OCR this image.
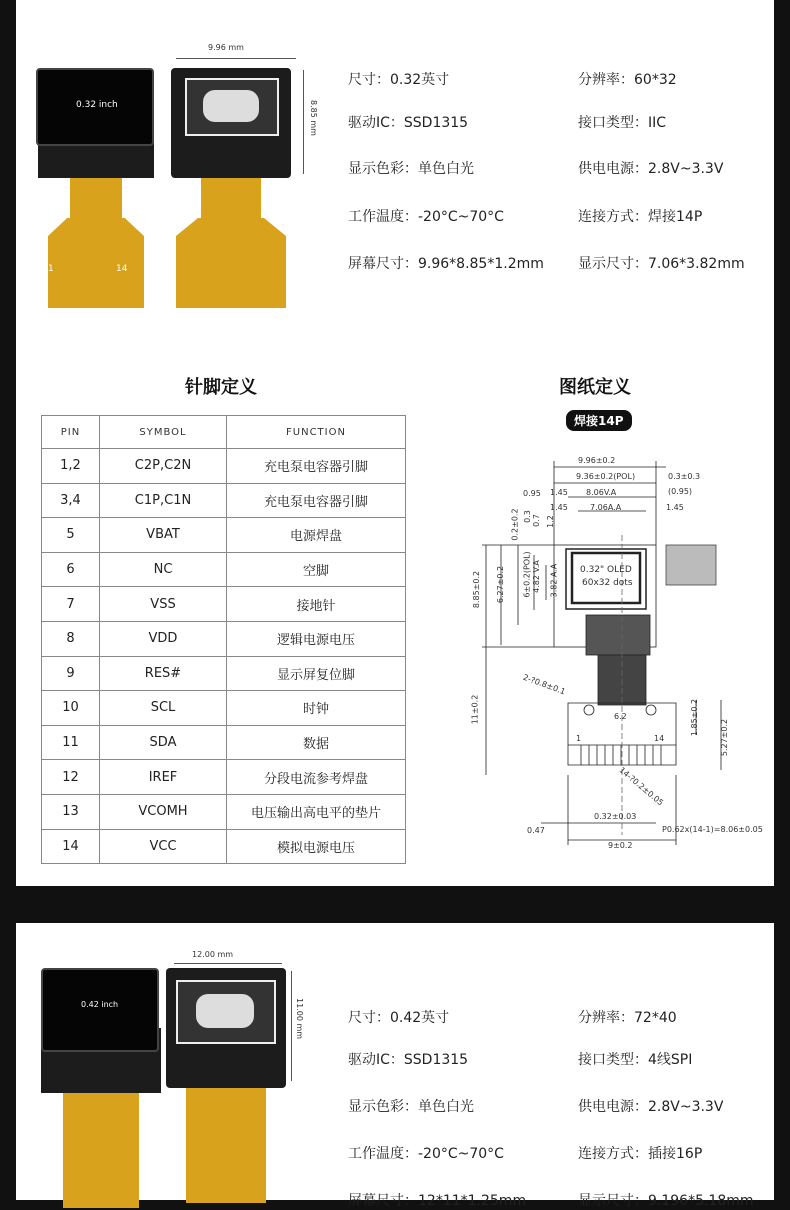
0.32 inch
1	14
9.96 mm
8.85 mm
尺寸：0.32英寸	分辨率：60*32
驱动IC：SSD1315	接口类型：IIC
显示色彩：单色白光	供电电源：2.8V~3.3V
工作温度：-20°C~70°C	连接方式：焊接14P
屏幕尺寸：9.96*8.85*1.2mm 显示尺寸：7.06*3.82mm
针脚定义	图纸定义
焊接14P
PIN	SYMBOL	FUNCTION
1,2	C2P,C2N	充电泵电容器引脚
3,4	C1P,C1N	充电泵电容器引脚
5	VBAT	电源焊盘
6	NC	空脚
7	VSS	接地针
8	VDD	逻辑电源电压
9	RES#	显示屏复位脚
10	SCL	时钟
11	SDA	数据
12	IREF	分段电流参考焊盘
13	VCOMH	电压输出高电平的垫片
14	VCC	模拟电源电压
9.96±0.2
9.36±0.2(POL)	0.3±0.3
(0.95)
0.95	8.06V.A
1.45	7.06A.A	1.45
1.45
0.2±0.2 0.3 0.7 1.2
8.85±0.2 6.27±0.2 6±0.2(POL) 4.82 V.A 3.82 A.A 0.32" OLED
60x32 dots
11±0.2
2-?0.8±0.1
6.2	1.85±0.2
5.27±0.2
1	14
14-?0.2±0.05
0.32±0.03
0.47	P0.62x(14-1)=8.06±0.05
9±0.2
0.42 inch
12.00 mm
11.00 mm	尺寸：0.42英寸	分辨率：72*40
驱动IC：SSD1315	接口类型：4线SPI
显示色彩：单色白光	供电电源：2.8V~3.3V
工作温度：-20°C~70°C	连接方式：插接16P
屏幕尺寸：12*11*1.25mm	显示尺寸：9.196*5.18mm
